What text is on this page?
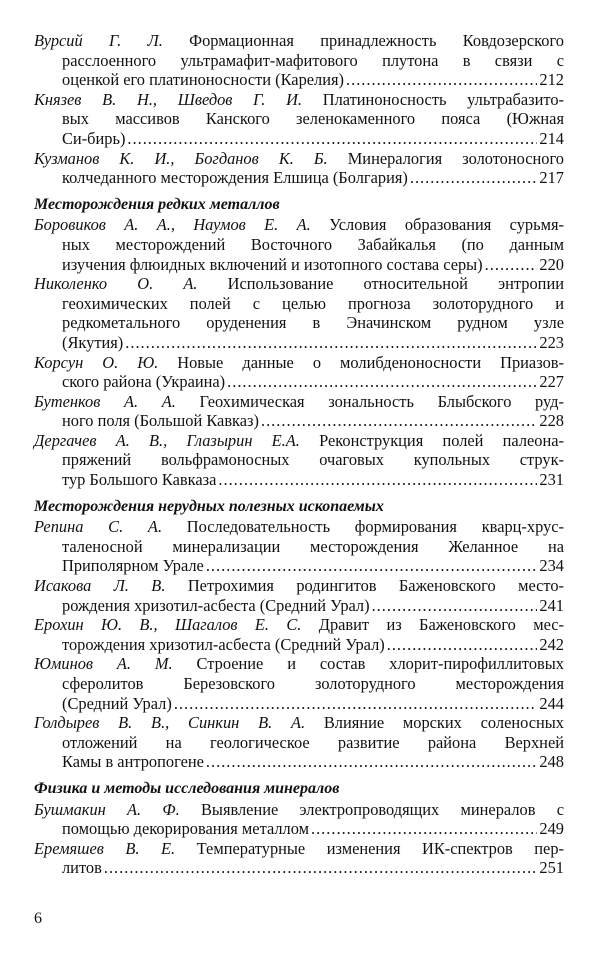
Вурсий Г. Л. Формационная принадлежность Ковдозерского
расслоенного ультрамафит-мафитового плутона в связи с
оценкой его платиноносности (Карелия) .....	212
Князев В. Н., Шведов Г. И. Платиноносность ультрабазито-
вых массивов Канского зеленокаменного пояса (Южная
Си-бирь) .....	214
Кузманов К. И., Богданов К. Б. Минералогия золотоносного
колчеданного месторождения Елшица (Болгария) .....	217
Месторождения редких металлов
Боровиков А. А., Наумов Е. А. Условия образования сурьмя-
ных месторождений Восточного Забайкалья (по данным
изучения флюидных включений и изотопного состава серы) .....	220
Николенко О. А. Использование относительной энтропии
геохимических полей с целью прогноза золоторудного и
редкометального оруденения в Эначинском рудном узле
(Якутия) .....	223
Корсун О. Ю. Новые данные о молибденоносности Приазов-
ского района (Украина) .....	227
Бутенков А. А. Геохимическая зональность Блыбского руд-
ного поля (Большой Кавказ) .....	228
Дергачев А. В., Глазырин Е.А. Реконструкция полей палеона-
пряжений вольфрамоносных очаговых купольных струк-
тур Большого Кавказа .....	231
Месторождения нерудных полезных ископаемых
Репина С. А. Последовательность формирования кварц-хрус-
таленосной минерализации месторождения Желанное на
Приполярном Урале .....	234
Исакова Л. В. Петрохимия родингитов Баженовского место-
рождения хризотил-асбеста (Средний Урал) .....	241
Ерохин Ю. В., Шагалов Е. С. Дравит из Баженовского мес-
торождения хризотил-асбеста (Средний Урал) .....	242
Юминов А. М. Строение и состав хлорит-пирофиллитовых
сферолитов Березовского золоторудного месторождения
(Средний Урал) .....	244
Голдырев В. В., Синкин В. А. Влияние морских соленосных
отложений на геологическое развитие района Верхней
Камы в антропогене .....	248
Физика и методы исследования минералов
Бушмакин А. Ф. Выявление электропроводящих минералов с
помощью декорирования металлом .....	249
Еремяшев В. Е. Температурные изменения ИК-спектров пер-
литов .....	251
6
